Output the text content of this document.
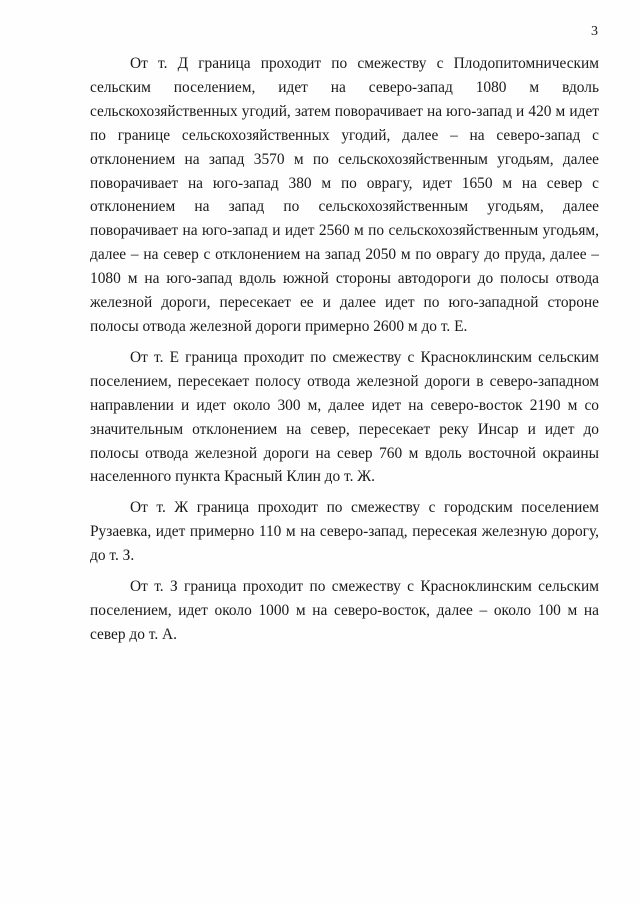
3

От т. Д граница проходит по смежеству с Плодопитомническим сельским поселением, идет на северо-запад 1080 м вдоль сельскохозяйственных угодий, затем поворачивает на юго-запад и 420 м идет по границе сельскохозяйственных угодий, далее – на северо-запад с отклонением на запад 3570 м по сельскохозяйственным угодьям, далее поворачивает на юго-запад 380 м по оврагу, идет 1650 м на север с отклонением на запад по сельскохозяйственным угодьям, далее поворачивает на юго-запад и идет 2560 м по сельскохозяйственным угодьям, далее – на север с отклонением на запад 2050 м по оврагу до пруда, далее – 1080 м на юго-запад вдоль южной стороны автодороги до полосы отвода железной дороги, пересекает ее и далее идет по юго-западной стороне полосы отвода железной дороги примерно 2600 м до т. Е.

От т. Е граница проходит по смежеству с Красноклинским сельским поселением, пересекает полосу отвода железной дороги в северо-западном направлении и идет около 300 м, далее идет на северо-восток 2190 м со значительным отклонением на север, пересекает реку Инсар и идет до полосы отвода железной дороги на север 760 м вдоль восточной окраины населенного пункта Красный Клин до т. Ж.

От т. Ж граница проходит по смежеству с городским поселением Рузаевка, идет примерно 110 м на северо-запад, пересекая железную дорогу, до т. З.

От т. З граница проходит по смежеству с Красноклинским сельским поселением, идет около 1000 м на северо-восток, далее – около 100 м на север до т. А.
